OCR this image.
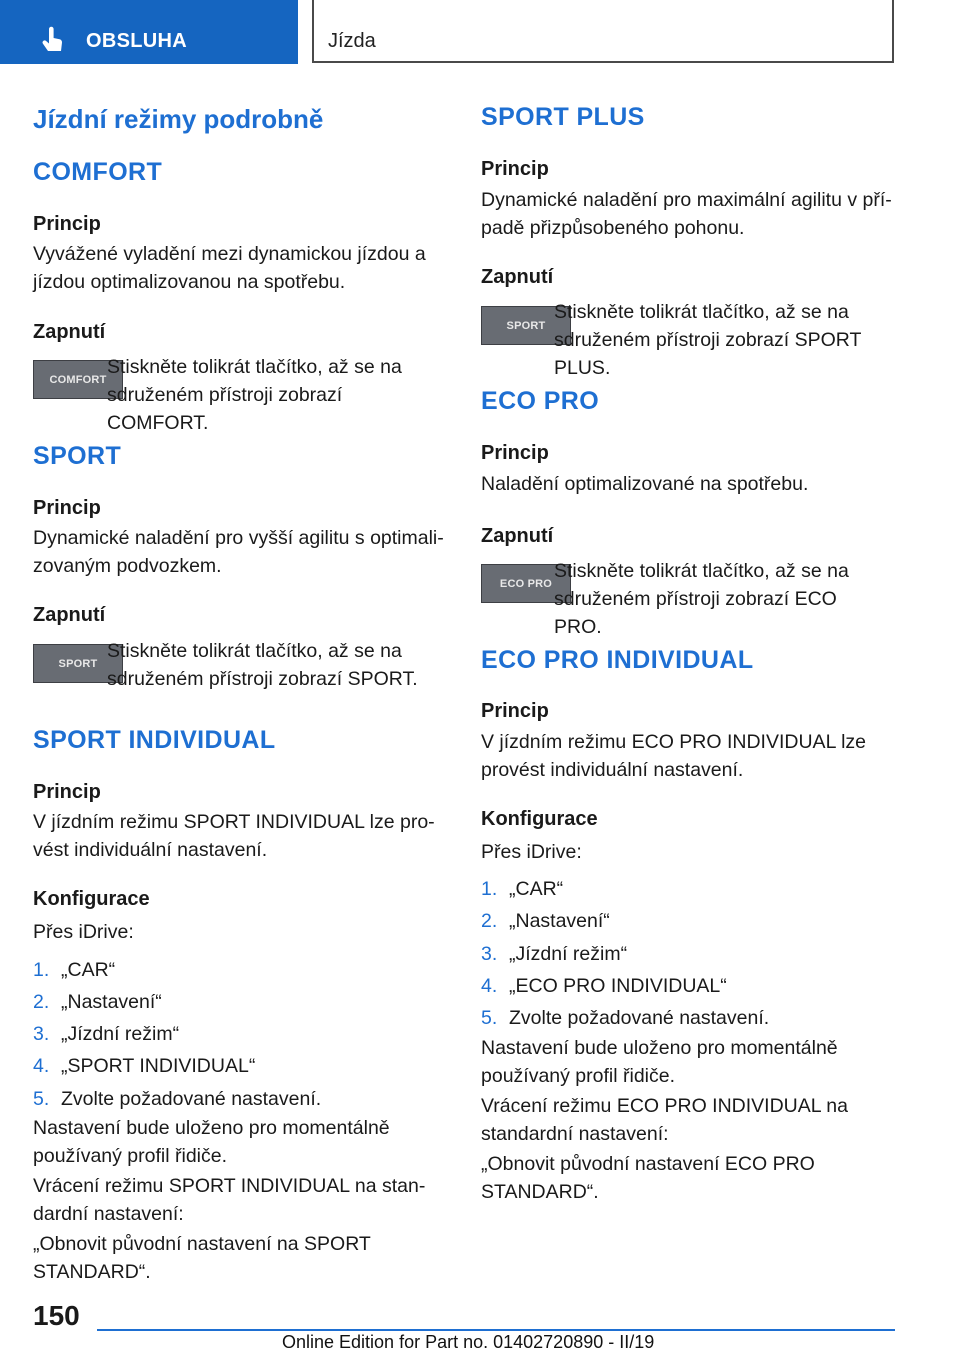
OBSLUHA	Jízda
Jízdní režimy podrobně
COMFORT
Princip
Vyvážené vyladění mezi dynamickou jízdou a jízdou optimalizovanou na spotřebu.
Zapnutí
COMFORT
Stiskněte tolikrát tlačítko, až se na sdruženém přístroji zobrazí COMFORT.
SPORT
Princip
Dynamické naladění pro vyšší agilitu s optimalizovaným podvozkem.
Zapnutí
SPORT
Stiskněte tolikrát tlačítko, až se na sdruženém přístroji zobrazí SPORT.
SPORT INDIVIDUAL
Princip
V jízdním režimu SPORT INDIVIDUAL lze provést individuální nastavení.
Konfigurace
Přes iDrive:
1. „CAR“
2. „Nastavení“
3. „Jízdní režim“
4. „SPORT INDIVIDUAL“
5. Zvolte požadované nastavení.
Nastavení bude uloženo pro momentálně používaný profil řidiče.
Vrácení režimu SPORT INDIVIDUAL na standardní nastavení:
„Obnovit původní nastavení na SPORT STANDARD“.
SPORT PLUS
Princip
Dynamické naladění pro maximální agilitu v případě přizpůsobeného pohonu.
Zapnutí
SPORT
Stiskněte tolikrát tlačítko, až se na sdruženém přístroji zobrazí SPORT PLUS.
ECO PRO
Princip
Naladění optimalizované na spotřebu.
Zapnutí
ECO PRO
Stiskněte tolikrát tlačítko, až se na sdruženém přístroji zobrazí ECO PRO.
ECO PRO INDIVIDUAL
Princip
V jízdním režimu ECO PRO INDIVIDUAL lze provést individuální nastavení.
Konfigurace
Přes iDrive:
1. „CAR“
2. „Nastavení“
3. „Jízdní režim“
4. „ECO PRO INDIVIDUAL“
5. Zvolte požadované nastavení.
Nastavení bude uloženo pro momentálně používaný profil řidiče.
Vrácení režimu ECO PRO INDIVIDUAL na standardní nastavení:
„Obnovit původní nastavení ECO PRO STANDARD“.
150
Online Edition for Part no. 01402720890 - II/19
